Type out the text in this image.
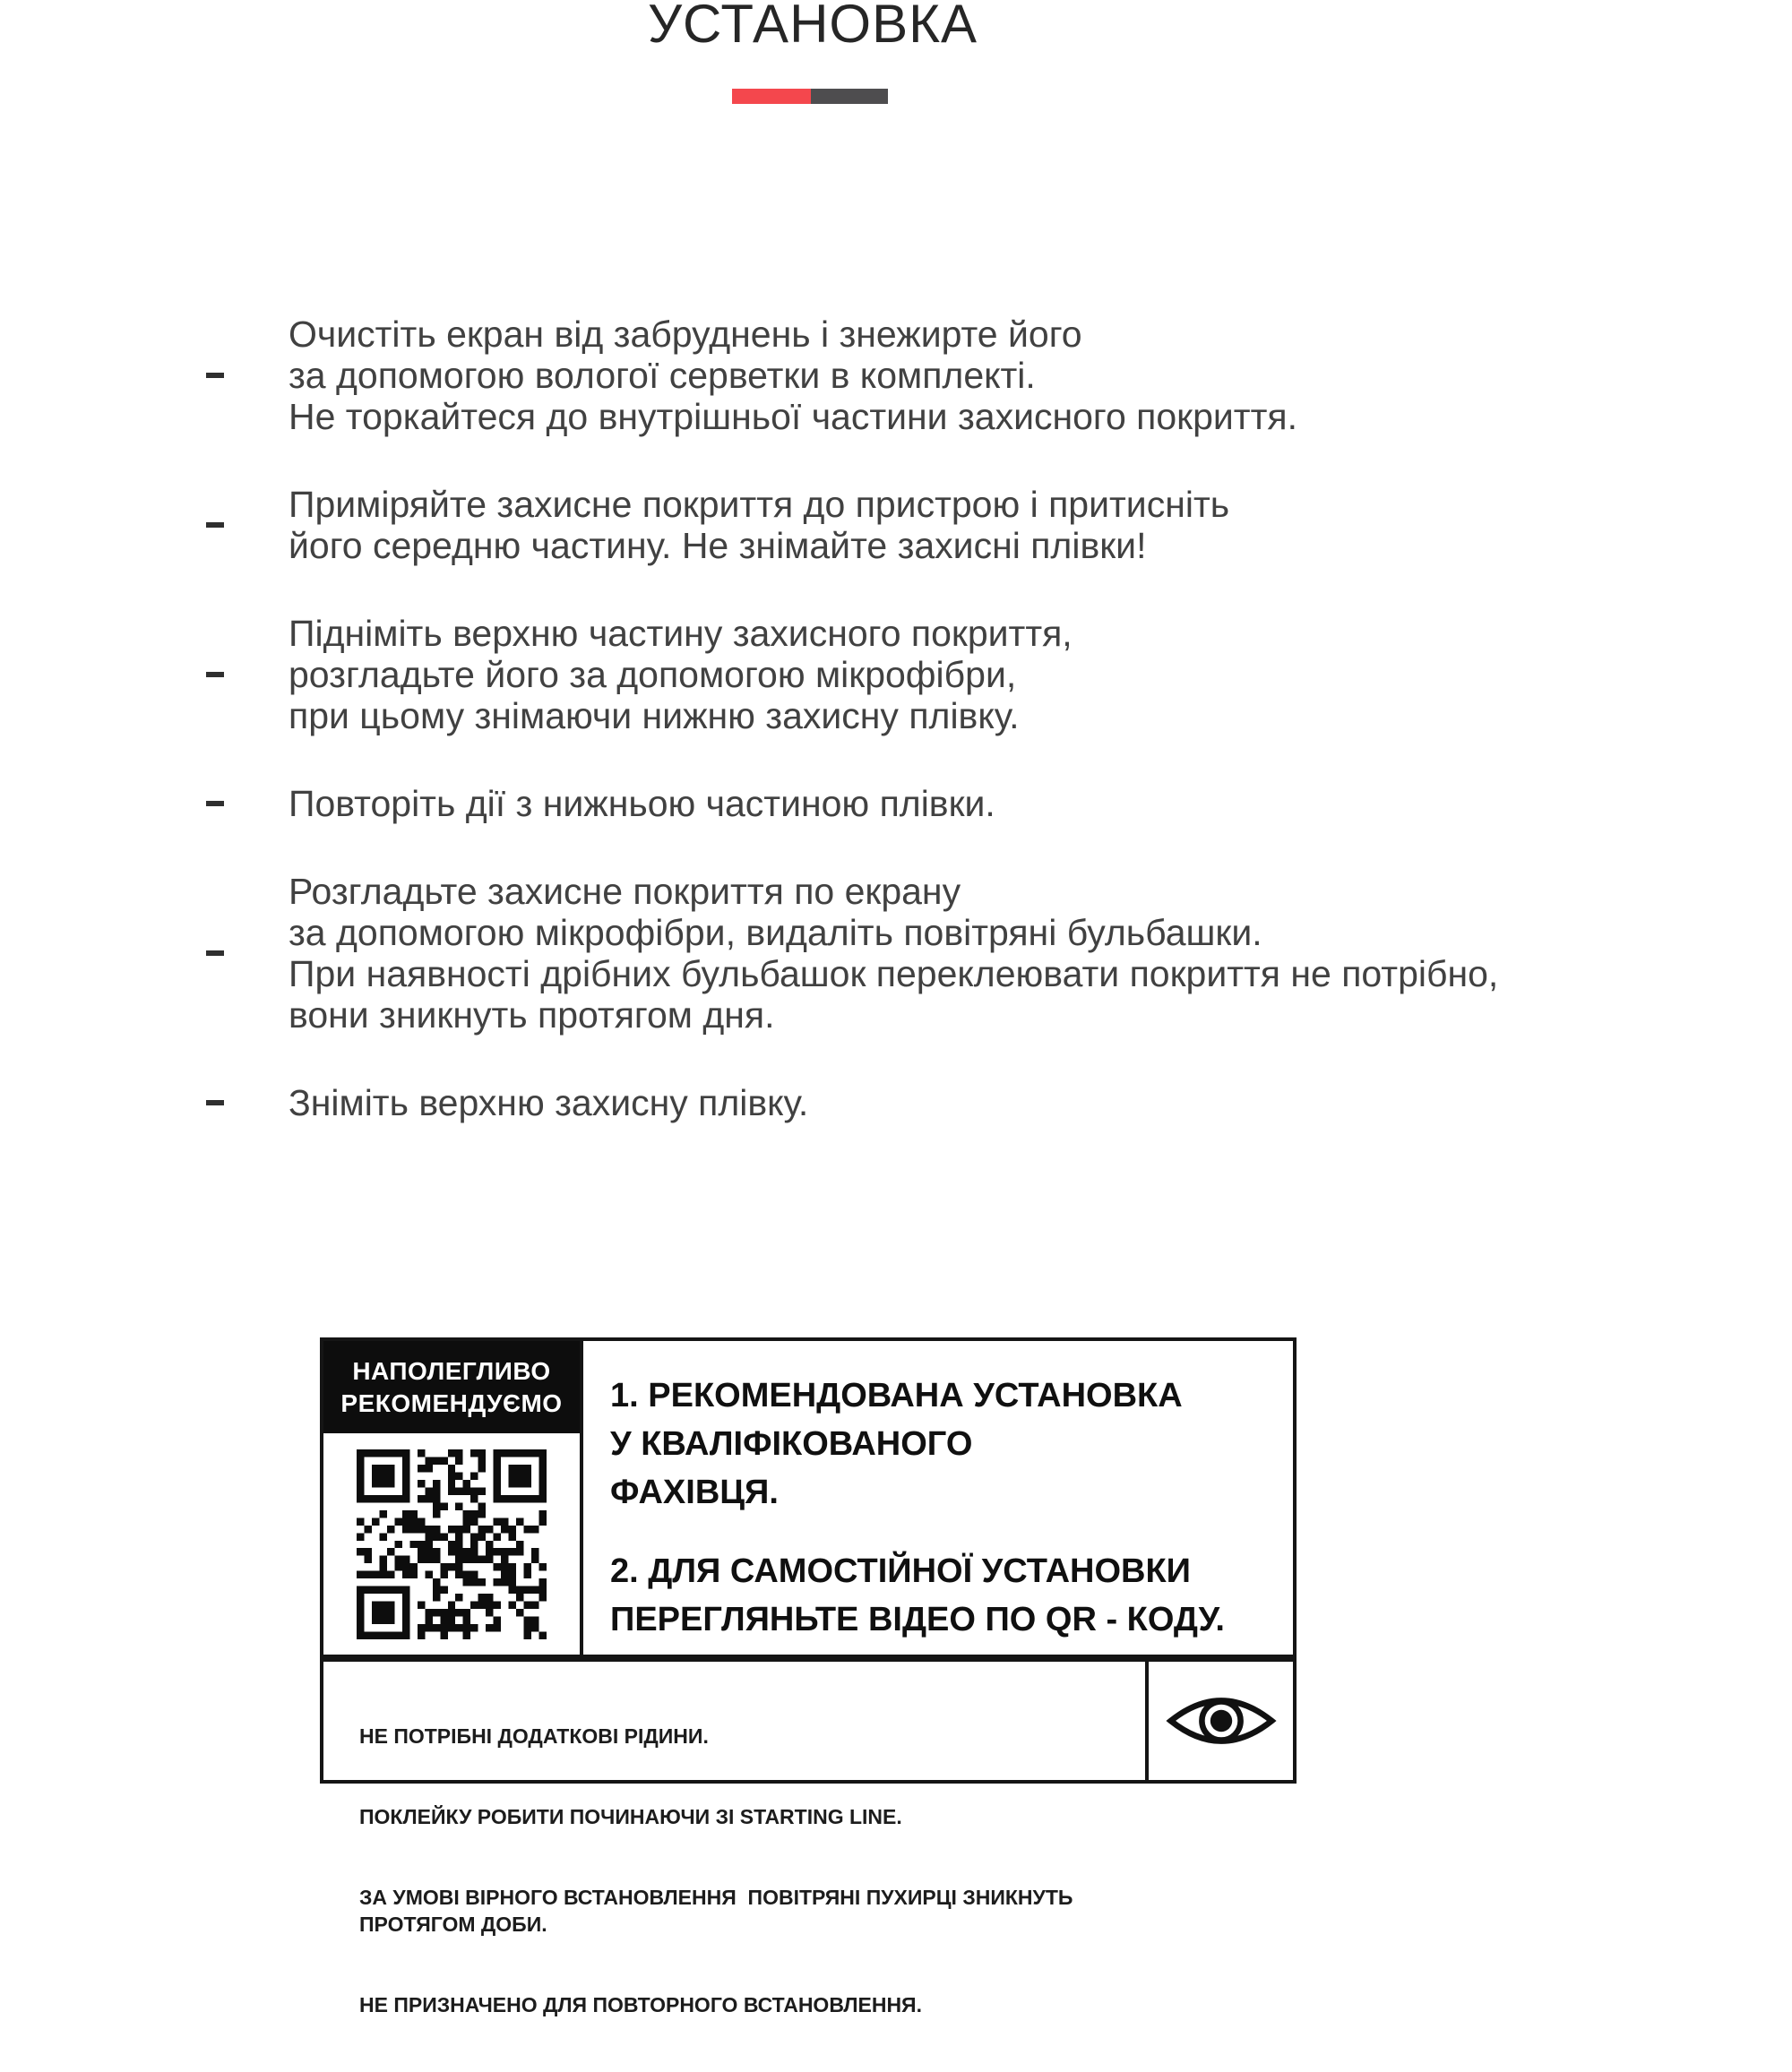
УСТАНОВКА
Очистіть екран від забруднень і знежирте його
за допомогою вологої серветки в комплекті.
Не торкайтеся до внутрішньої частини захисного покриття.
Приміряйте захисне покриття до пристрою і притисніть
його середню частину. Не знімайте захисні плівки!
Підніміть верхню частину захисного покриття,
розгладьте його за допомогою мікрофібри,
при цьому знімаючи нижню захисну плівку.
Повторіть дії з нижньою частиною плівки.
Розгладьте захисне покриття по екрану
за допомогою мікрофібри, видаліть повітряні бульбашки.
При наявності дрібних бульбашок переклеювати покриття не потрібно,
вони зникнуть протягом дня.
Зніміть верхню захисну плівку.
НАПОЛЕГЛИВО
РЕКОМЕНДУЄМО 1. РЕКОМЕНДОВАНА УСТАНОВКА
У КВАЛІФІКОВАНОГО
ФАХІВЦЯ.
2. ДЛЯ САМОСТІЙНОЇ УСТАНОВКИ
ПЕРЕГЛЯНЬТЕ ВІДЕО ПО QR - КОДУ.

НЕ ПОТРІБНІ ДОДАТКОВІ РІДИНИ.

ПОКЛЕЙКУ РОБИТИ ПОЧИНАЮЧИ ЗІ STARTING LINE.

ЗА УМОВІ ВІРНОГО ВСТАНОВЛЕННЯ  ПОВІТРЯНІ ПУХИРЦІ ЗНИКНУТЬ  ПРОТЯГОМ ДОБИ.

НЕ ПРИЗНАЧЕНО ДЛЯ ПОВТОРНОГО ВСТАНОВЛЕННЯ.
